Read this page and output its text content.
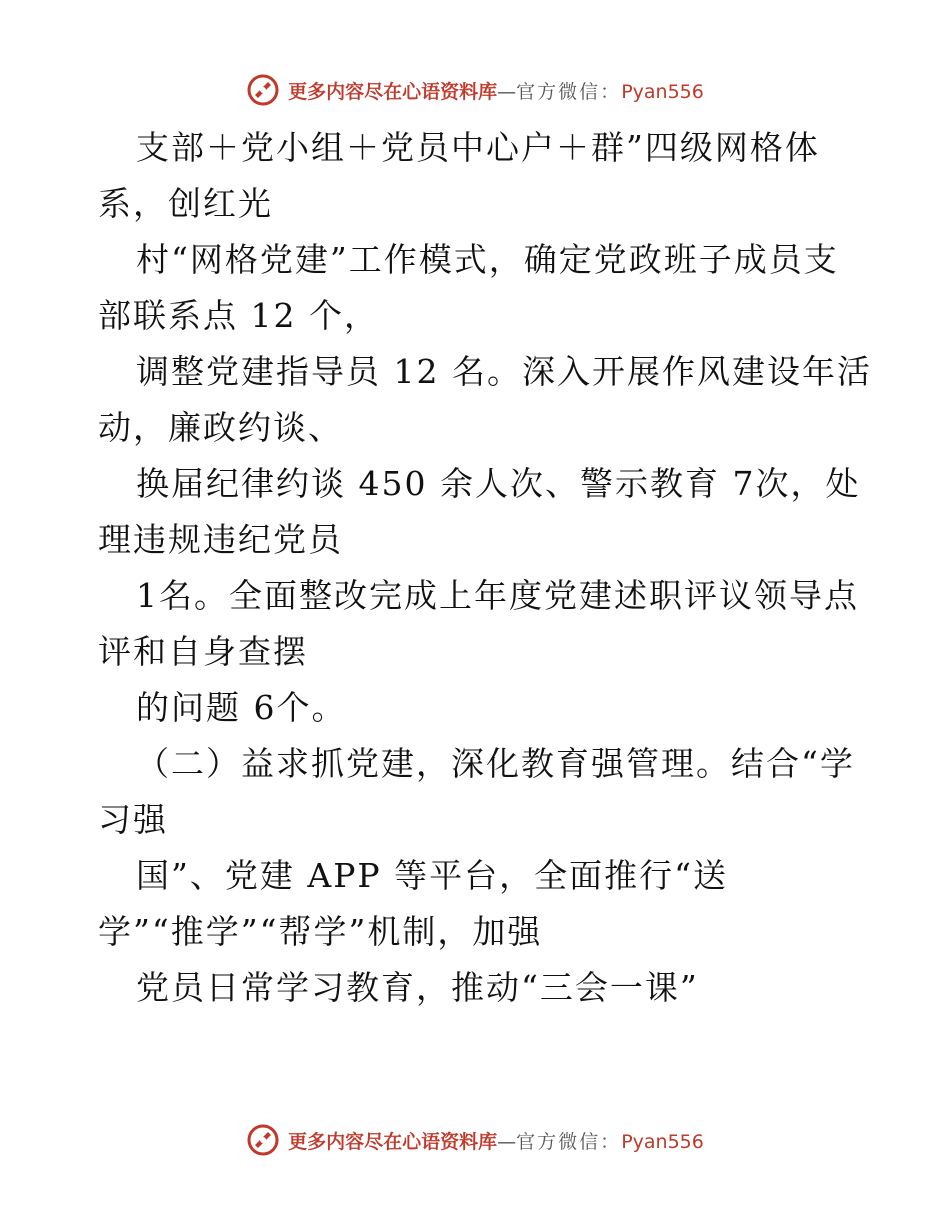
更多内容尽在心语资料库—官方微信：Pyan556
支部＋党小组＋党员中心户＋群”四级网格体
系，创红光
村“网格党建”工作模式，确定党政班子成员支
部联系点 12 个，
调整党建指导员 12 名。深入开展作风建设年活
动，廉政约谈、
换届纪律约谈 450 余人次、警示教育 7次，处
理违规违纪党员
1名。全面整改完成上年度党建述职评议领导点
评和自身查摆
的问题 6个。
（二）益求抓党建，深化教育强管理。结合“学
习强
国”、党建 APP 等平台，全面推行“送
学”“推学”“帮学”机制，加强
党员日常学习教育，推动“三会一课”
更多内容尽在心语资料库—官方微信：Pyan556
